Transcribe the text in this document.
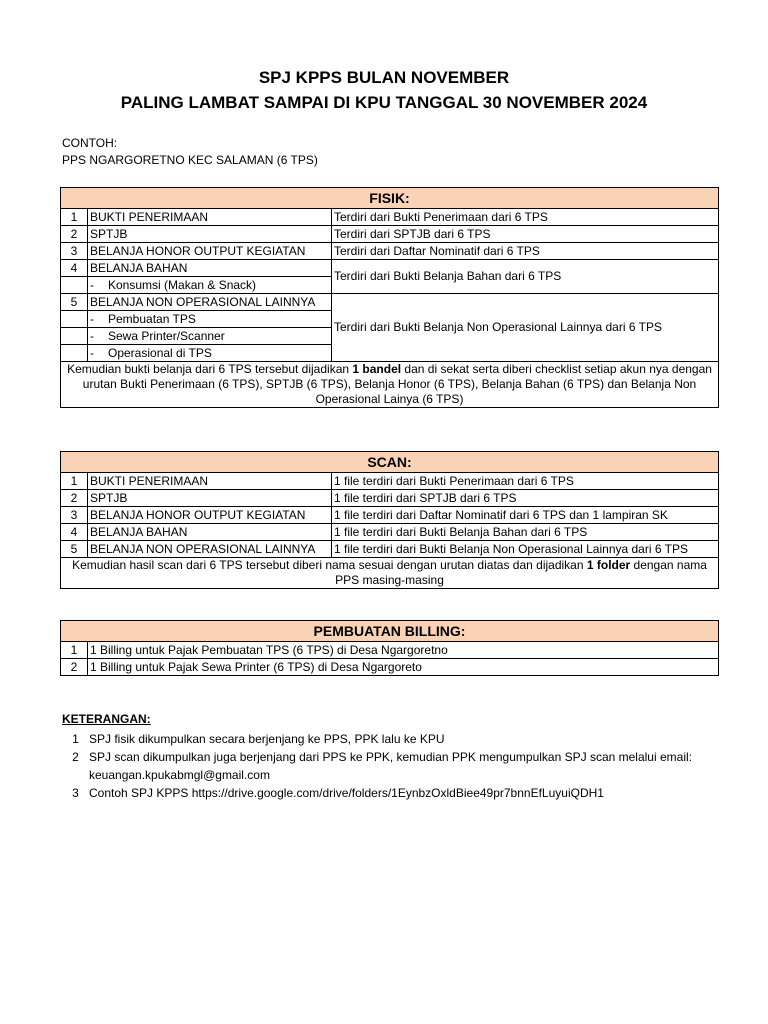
SPJ KPPS BULAN NOVEMBER
PALING LAMBAT SAMPAI DI KPU TANGGAL 30 NOVEMBER 2024
CONTOH:
PPS NGARGORETNO KEC SALAMAN (6 TPS)
FISIK:		
1	BUKTI PENERIMAAN	Terdiri dari Bukti Penerimaan dari 6 TPS
2	SPTJB	Terdiri dari SPTJB dari 6 TPS
3	BELANJA HONOR OUTPUT KEGIATAN	Terdiri dari Daftar Nominatif dari 6 TPS
4	BELANJA BAHAN	Terdiri dari Bukti Belanja Bahan dari 6 TPS
	- Konsumsi (Makan & Snack)	
5	BELANJA NON OPERASIONAL LAINNYA	Terdiri dari Bukti Belanja Non Operasional Lainnya dari 6 TPS
	- Pembuatan TPS	
	- Sewa Printer/Scanner	
	- Operasional di TPS	
Kemudian bukti belanja dari 6 TPS tersebut dijadikan 1 bandel dan di sekat serta diberi checklist setiap akun nya dengan urutan Bukti Penerimaan (6 TPS), SPTJB (6 TPS), Belanja Honor (6 TPS), Belanja Bahan (6 TPS) dan Belanja Non Operasional Lainya (6 TPS)		
SCAN:		
1	BUKTI PENERIMAAN	1 file terdiri dari Bukti Penerimaan dari 6 TPS
2	SPTJB	1 file terdiri dari SPTJB dari 6 TPS
3	BELANJA HONOR OUTPUT KEGIATAN	1 file terdiri dari Daftar Nominatif dari 6 TPS dan 1 lampiran SK
4	BELANJA BAHAN	1 file terdiri dari Bukti Belanja Bahan dari 6 TPS
5	BELANJA NON OPERASIONAL LAINNYA	1 file terdiri dari Bukti Belanja Non Operasional Lainnya dari 6 TPS
Kemudian hasil scan dari 6 TPS tersebut diberi nama sesuai dengan urutan diatas dan dijadikan 1 folder dengan nama PPS masing-masing		
PEMBUATAN BILLING:	
1	1 Billing untuk Pajak Pembuatan TPS (6 TPS) di Desa Ngargoretno
2	1 Billing untuk Pajak Sewa Printer (6 TPS) di Desa Ngargoreto
KETERANGAN:
1 SPJ fisik dikumpulkan secara berjenjang ke PPS, PPK lalu ke KPU
2 SPJ scan dikumpulkan juga berjenjang dari PPS ke PPK, kemudian PPK mengumpulkan SPJ scan melalui email: keuangan.kpukabmgl@gmail.com
3 Contoh SPJ KPPS https://drive.google.com/drive/folders/1EynbzOxldBiee49pr7bnnEfLuyuiQDH1
